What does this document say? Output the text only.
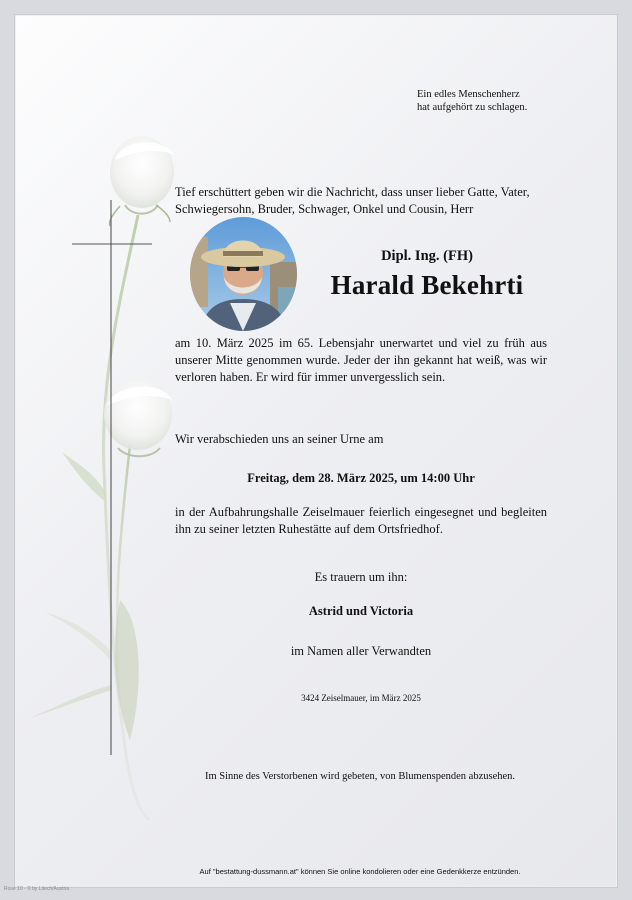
Ein edles Menschenherz
hat aufgehört zu schlagen.
Tief erschüttert geben wir die Nachricht, dass unser lieber Gatte, Vater, Schwiegersohn, Bruder, Schwager, Onkel und Cousin, Herr
Dipl. Ing. (FH)
Harald Bekehrti
am 10. März 2025 im 65. Lebensjahr unerwartet und viel zu früh aus unserer Mitte genommen wurde. Jeder der ihn gekannt hat weiß, was wir verloren haben. Er wird für immer unvergesslich sein.
Wir verabschieden uns an seiner Urne am
Freitag, dem 28. März 2025, um 14:00 Uhr
in der Aufbahrungshalle Zeiselmauer feierlich eingesegnet und begleiten ihn zu seiner letzten Ruhestätte auf dem Ortsfriedhof.
Es trauern um ihn:
Astrid und Victoria
im Namen aller Verwandten
3424 Zeiselmauer, im März 2025
Im Sinne des Verstorbenen wird gebeten, von Blumenspenden abzusehen.
Auf "bestattung-dussmann.at" können Sie online kondolieren oder eine Gedenkkerze entzünden.
Rose 10 - © by Litech/Austria
